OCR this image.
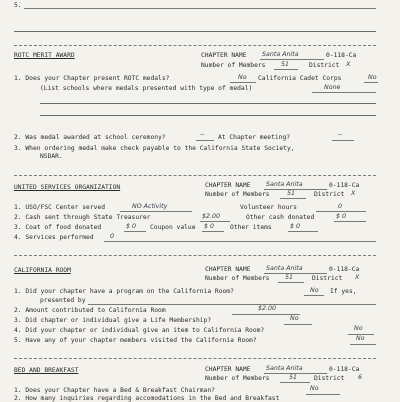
5.
ROTC MERIT AWARD	CHAPTER NAME Santa Anita	0-118-Ca
Number of Members 51	District X
1. Does your Chapter present ROTC medals?	No California Cadet Corps	No
(List schools where medals presented with type of medal)	None
2. Was medal awarded at school ceremony?	-- At Chapter meeting?	--
3. When ordering medal make check payable to the California State Society,
NSDAR.
UNITED SERVICES ORGANIZATION	CHAPTER NAME Santa Anita	0-118-Ca
Number of Members	51	District X
1. USO/FSC Center served	NO Activity	Volunteer hours	0
2. Cash sent through State Treasurer	$2.00	Other cash donated	$ 0
3. Coat of food donated	$ 0 Coupon value $ 0	Other items	$ 0
4. Services performed	0
CALIFORNIA ROOM	CHAPTER NAME Santa Anita	0-118-Ca
Number of Members 51	District X
1. Did your chapter have a program on the California Room?	No If yes,
presented by
2. Amount contributed to California Room	$2.00
3. Did chapter or individual give a Life Membership?	No
4. Did your chapter or individual give an item to California Room?	No
5. Have any of your chapter members visited the California Room?	No
BED AND BREAKFAST	CHAPTER NAME Santa Anita	0-118-Ca
Number of Members	51	District 6
1. Does your Chapter have a Bed & Breakfast Chairman?	No
2. How many inquiries regarding accomodations in the Bed and Breakfast
